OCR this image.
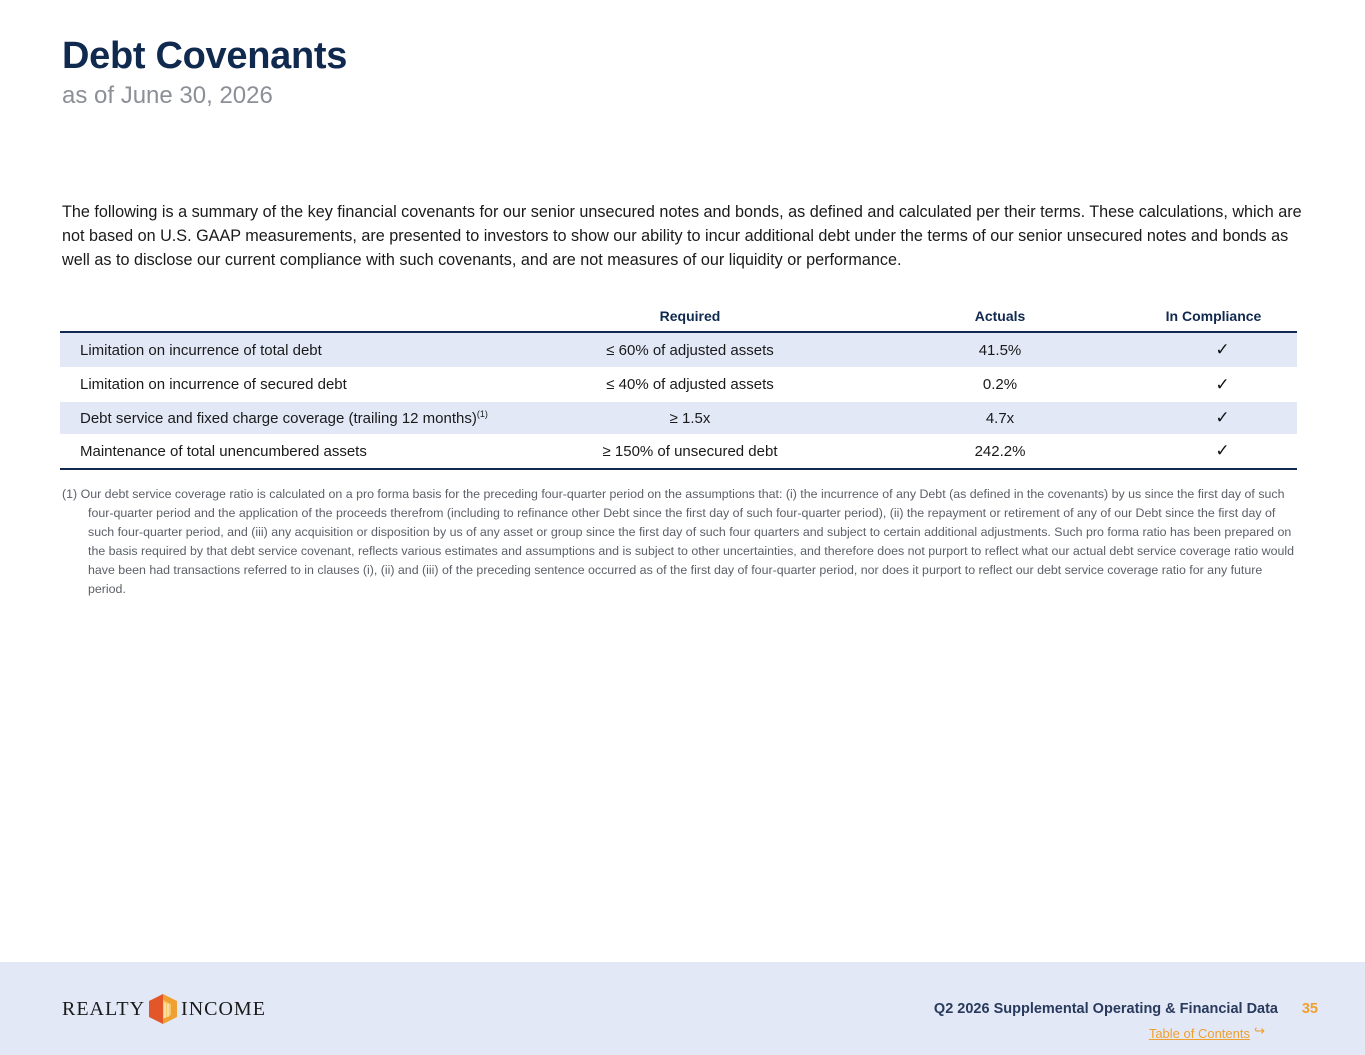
Debt Covenants
as of June 30, 2026

The following is a summary of the key financial covenants for our senior unsecured notes and bonds, as defined and calculated per their terms. These calculations, which are not based on U.S. GAAP measurements, are presented to investors to show our ability to incur additional debt under the terms of our senior unsecured notes and bonds as well as to disclose our current compliance with such covenants, and are not measures of our liquidity or performance.

	Required	Actuals	In Compliance
Limitation on incurrence of total debt	≤ 60% of adjusted assets	41.5%	✓
Limitation on incurrence of secured debt	≤ 40% of adjusted assets	0.2%	✓
Debt service and fixed charge coverage (trailing 12 months)$^{(1)}$	≥ 1.5x	4.7x	✓
Maintenance of total unencumbered assets	≥ 150% of unsecured debt	242.2%	✓

(1) Our debt service coverage ratio is calculated on a pro forma basis for the preceding four-quarter period on the assumptions that: (i) the incurrence of any Debt (as defined in the covenants) by us since the first day of such four-quarter period and the application of the proceeds therefrom (including to refinance other Debt since the first day of such four-quarter period), (ii) the repayment or retirement of any of our Debt since the first day of such four-quarter period, and (iii) any acquisition or disposition by us of any asset or group since the first day of such four quarters and subject to certain additional adjustments. Such pro forma ratio has been prepared on the basis required by that debt service covenant, reflects various estimates and assumptions and is subject to other uncertainties, and therefore does not purport to reflect what our actual debt service coverage ratio would have been had transactions referred to in clauses (i), (ii) and (iii) of the preceding sentence occurred as of the first day of four-quarter period, nor does it purport to reflect our debt service coverage ratio for any future period.

REALTY INCOME	Q2 2026 Supplemental Operating & Financial Data	35
Table of Contents ↪
